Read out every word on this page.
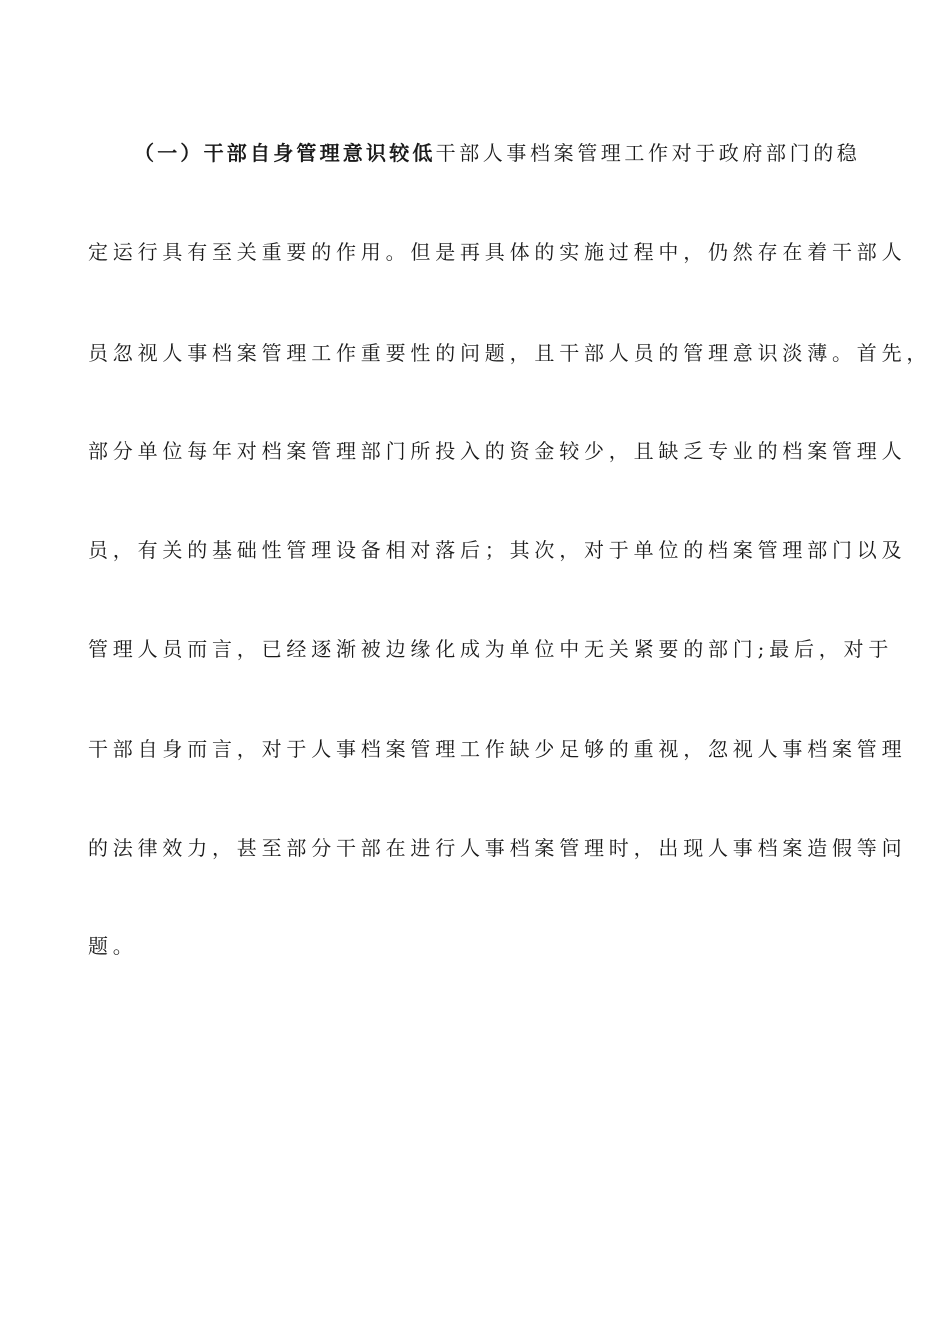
（一）干部自身管理意识较低干部人事档案管理工作对于政府部门的稳
定运行具有至关重要的作用。但是再具体的实施过程中，仍然存在着干部人
员忽视人事档案管理工作重要性的问题，且干部人员的管理意识淡薄。首先，
部分单位每年对档案管理部门所投入的资金较少，且缺乏专业的档案管理人
员，有关的基础性管理设备相对落后；其次，对于单位的档案管理部门以及
管理人员而言，已经逐渐被边缘化成为单位中无关紧要的部门;最后，对于
干部自身而言，对于人事档案管理工作缺少足够的重视，忽视人事档案管理
的法律效力，甚至部分干部在进行人事档案管理时，出现人事档案造假等问
题。
